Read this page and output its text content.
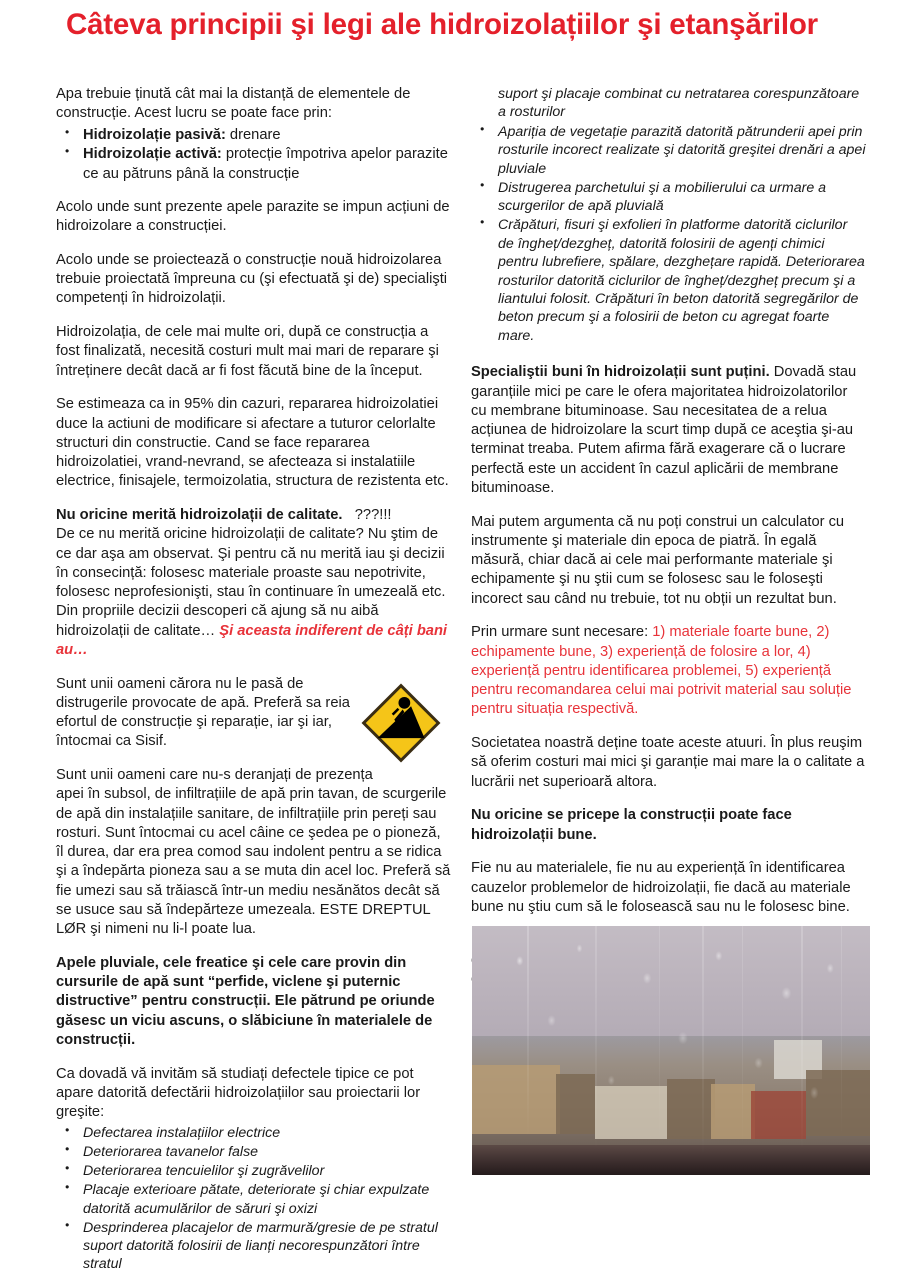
Câteva principii şi legi ale hidroizolațiilor şi etanşărilor

Apa trebuie ținută cât mai la distanță de elementele de construcție. Acest lucru se poate face prin:

• Hidroizolație pasivă: drenare
• Hidroizolație activă: protecție împotriva apelor parazite ce au pătruns până la construcție

Acolo unde sunt prezente apele parazite se impun acțiuni de hidroizolare a construcției.

Acolo unde se proiectează o construcție nouă hidroizolarea trebuie proiectată împreuna cu (şi efectuată şi de) specialişti competenți în hidroizolații.

Hidroizolația, de cele mai multe ori, după ce construcția a fost finalizată, necesită costuri mult mai mari de reparare şi întreținere decât dacă ar fi fost făcută bine de la început.

Se estimeaza ca in 95% din cazuri, repararea hidroizolatiei duce la actiuni de modificare si afectare a tuturor celorlalte structuri din constructie. Cand se face repararea hidroizolatiei, vrand-nevrand, se afecteaza si instalatiile electrice, finisajele, termoizolatia, structura de rezistenta etc.

Nu oricine merită hidroizolații de calitate. ???!!!
De ce nu merită oricine hidroizolații de calitate? Nu ştim de ce dar aşa am observat. Şi pentru că nu merită iau şi decizii în consecință: folosesc materiale proaste sau nepotrivite, folosesc neprofesionişti, stau în continuare în umezeală etc. Din propriile decizii descoperi că ajung să nu aibă hidroizolații de calitate… Şi aceasta indiferent de câți bani au…

Sunt unii oameni cărora nu le pasă de distrugerile provocate de apă. Preferă sa reia efortul de construcție şi reparație, iar şi iar, întocmai ca Sisif.

Sunt unii oameni care nu-s deranjați de prezența apei în subsol, de infiltrațiile de apă prin tavan, de scurgerile de apă din instalațiile sanitare, de infiltrațiile prin pereți sau rosturi. Sunt întocmai cu acel câine ce şedea pe o pioneză, îl durea, dar era prea comod sau indolent pentru a se ridica şi a îndepărta pioneza sau a se muta din acel loc. Preferă să fie umezi sau să trăiască într-un mediu nesănătos decât să se usuce sau să îndepărteze umezeala. ESTE DREPTUL LØR şi nimeni nu li-l poate lua.

Apele pluviale, cele freatice şi cele care provin din cursurile de apă sunt “perfide, viclene şi puternic distructive” pentru construcții. Ele pătrund pe oriunde găsesc un viciu ascuns, o slăbiciune în materialele de construcții.

Ca dovadă vă invităm să studiați defectele tipice ce pot apare datorită defectării hidroizolațiilor sau proiectarii lor greşite:

• Defectarea instalațiilor electrice
• Deteriorarea tavanelor false
• Deteriorarea tencuielilor şi zugrăvelilor
• Placaje exterioare pătate, deteriorate şi chiar expulzate datorită acumulărilor de săruri şi oxizi
• Desprinderea placajelor de marmură/gresie de pe stratul suport datorită folosirii de lianți necorespunzători între stratul

suport şi placaje combinat cu netratarea corespunzătoare a rosturilor

• Apariția de vegetație parazită datorită pătrunderii apei prin rosturile incorect realizate şi datorită greşitei drenări a apei pluviale
• Distrugerea parchetului şi a mobilierului ca urmare a scurgerilor de apă pluvială
• Crăpături, fisuri şi exfolieri în platforme datorită ciclurilor de îngheț/dezgheț, datorită folosirii de agenți chimici pentru lubrefiere, spălare, dezghețare rapidă. Deteriorarea rosturilor datorită ciclurilor de îngheț/dezgheț precum şi a liantului folosit. Crăpături în beton datorită segregărilor de beton precum şi a folosirii de beton cu agregat foarte mare.

Specialiştii buni în hidroizolații sunt puțini. Dovadă stau garanțiile mici pe care le ofera majoritatea hidroizolatorilor cu membrane bituminoase. Sau necesitatea de a relua acțiunea de hidroizolare la scurt timp după ce aceştia şi-au terminat treaba. Putem afirma fără exagerare că o lucrare perfectă este un accident în cazul aplicării de membrane bituminoase.

Mai putem argumenta că nu poți construi un calculator cu instrumente şi materiale din epoca de piatră. În egală măsură, chiar dacă ai cele mai performante materiale şi echipamente şi nu ştii cum se folosesc sau le foloseşti incorect sau când nu trebuie, tot nu obții un rezultat bun.

Prin urmare sunt necesare: 1) materiale foarte bune, 2) echipamente bune, 3) experiență de folosire a lor, 4) experiență pentru identificarea problemei, 5) experiență pentru recomandarea celui mai potrivit material sau soluție pentru situația respectivă.

Societatea noastră deține toate aceste atuuri. În plus reuşim să oferim costuri mai mici şi garanție mai mare la o calitate a lucrării net superioară altora.

Nu oricine se pricepe la construcții poate face hidroizolații bune.

Fie nu au materialele, fie nu au experiență în identificarea cauzelor problemelor de hidroizolații, fie dacă au materiale bune nu ştiu cum să le folosească sau nu le folosesc bine.
